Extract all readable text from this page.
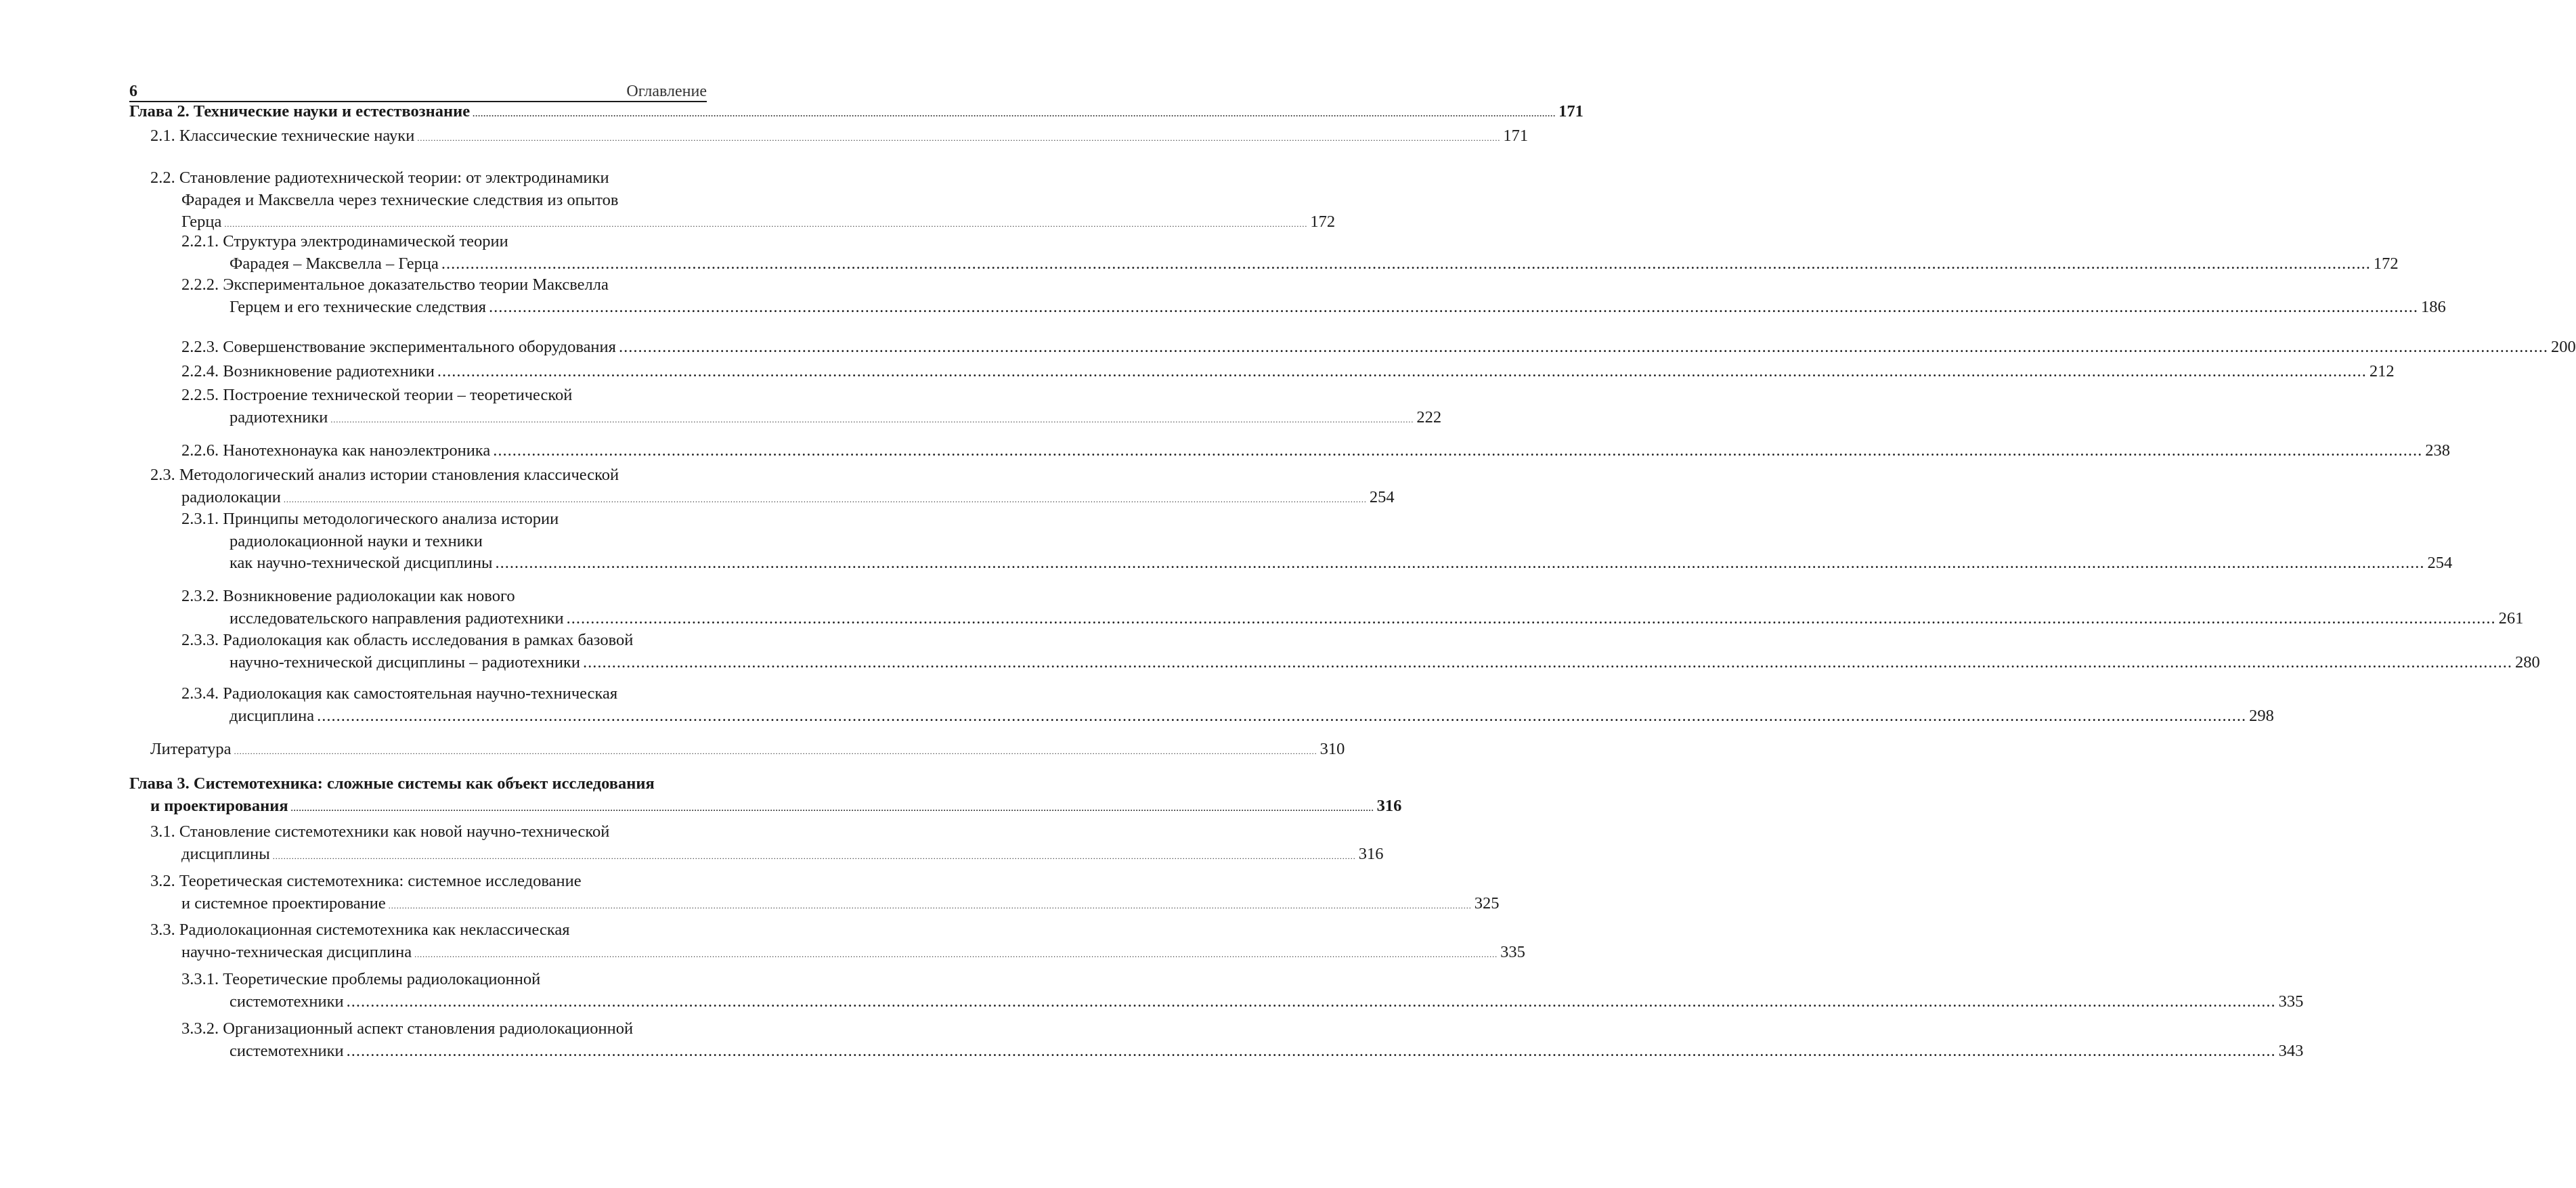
6	Оглавление
Глава 2. Технические науки и естествознание ................................................................................................................................................................................................................................................................................................................................................................................................................ 171
2.1. Классические технические науки ................................................................................................................................................................................................................................................................................................................................................................................................................ 171
2.2. Становление радиотехнической теории: от электродинамики
Фарадея и Максвелла через технические следствия из опытов
Герца ................................................................................................................................................................................................................................................................................................................................................................................................................ 172
2.2.1. Структура электродинамической теории
Фарадея – Максвелла – Герца ................................................................................................................................................................................................................................................................................................................................................................................................................ 172
2.2.2. Экспериментальное доказательство теории Максвелла
Герцем и его технические следствия ................................................................................................................................................................................................................................................................................................................................................................................................................ 186
2.2.3. Совершенствование экспериментального оборудования ................................................................................................................................................................................................................................................................................................................................................................................................................ 200
2.2.4. Возникновение радиотехники ................................................................................................................................................................................................................................................................................................................................................................................................................ 212
2.2.5. Построение технической теории – теоретической
радиотехники ................................................................................................................................................................................................................................................................................................................................................................................................................ 222
2.2.6. Нанотехнонаука как наноэлектроника ................................................................................................................................................................................................................................................................................................................................................................................................................ 238
2.3. Методологический анализ истории становления классической
радиолокации ................................................................................................................................................................................................................................................................................................................................................................................................................ 254
2.3.1. Принципы методологического анализа истории
радиолокационной науки и техники
как научно-технической дисциплины ................................................................................................................................................................................................................................................................................................................................................................................................................ 254
2.3.2. Возникновение радиолокации как нового
исследовательского направления радиотехники ................................................................................................................................................................................................................................................................................................................................................................................................................ 261
2.3.3. Радиолокация как область исследования в рамках базовой
научно-технической дисциплины – радиотехники ................................................................................................................................................................................................................................................................................................................................................................................................................ 280
2.3.4. Радиолокация как самостоятельная научно-техническая
дисциплина ................................................................................................................................................................................................................................................................................................................................................................................................................ 298
Литература ................................................................................................................................................................................................................................................................................................................................................................................................................ 310
Глава 3. Системотехника: сложные системы как объект исследования
и проектирования ................................................................................................................................................................................................................................................................................................................................................................................................................ 316
3.1. Становление системотехники как новой научно-технической
дисциплины ................................................................................................................................................................................................................................................................................................................................................................................................................ 316
3.2. Теоретическая системотехника: системное исследование
и системное проектирование ................................................................................................................................................................................................................................................................................................................................................................................................................ 325
3.3. Радиолокационная системотехника как неклассическая
научно-техническая дисциплина ................................................................................................................................................................................................................................................................................................................................................................................................................ 335
3.3.1. Теоретические проблемы радиолокационной
системотехники ................................................................................................................................................................................................................................................................................................................................................................................................................ 335
3.3.2. Организационный аспект становления радиолокационной
системотехники ................................................................................................................................................................................................................................................................................................................................................................................................................ 343
